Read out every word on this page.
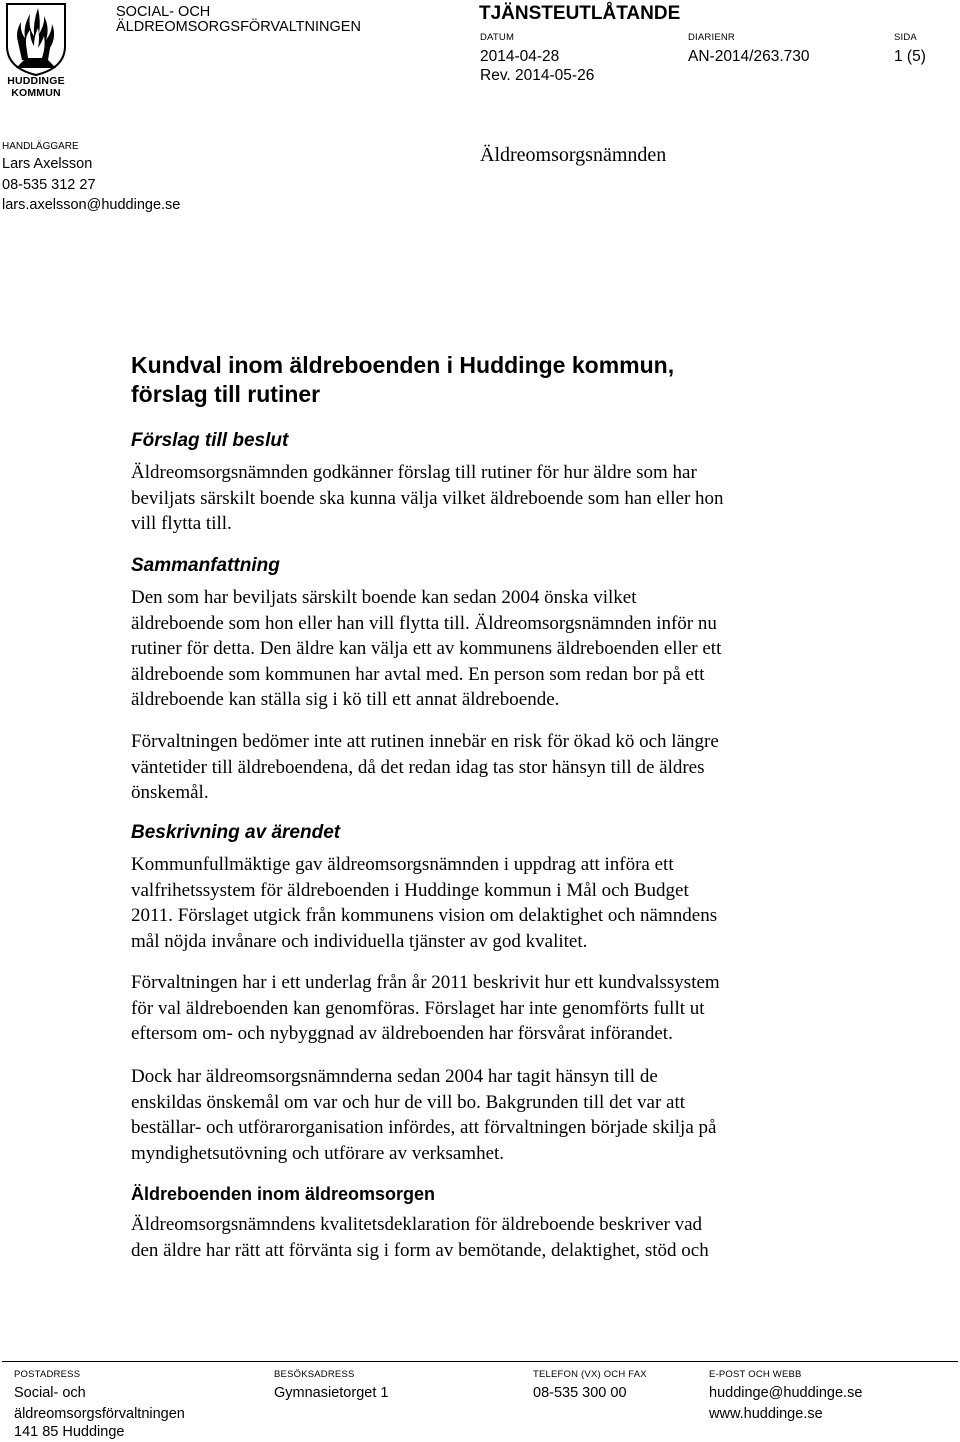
HUDDINGE
KOMMUN
SOCIAL- OCH
ÄLDREOMSORGSFÖRVALTNINGEN
TJÄNSTEUTLÅTANDE
DATUM
2014-04-28
Rev. 2014-05-26
DIARIENR
AN-2014/263.730
SIDA
1 (5)
HANDLÄGGARE
Lars Axelsson
08-535 312 27
lars.axelsson@huddinge.se
Äldreomsorgsnämnden
Kundval inom äldreboenden i Huddinge kommun,
förslag till rutiner
Förslag till beslut
Äldreomsorgsnämnden godkänner förslag till rutiner för hur äldre som har
beviljats särskilt boende ska kunna välja vilket äldreboende som han eller hon
vill flytta till.
Sammanfattning
Den som har beviljats särskilt boende kan sedan 2004 önska vilket
äldreboende som hon eller han vill flytta till. Äldreomsorgsnämnden inför nu
rutiner för detta. Den äldre kan välja ett av kommunens äldreboenden eller ett
äldreboende som kommunen har avtal med. En person som redan bor på ett
äldreboende kan ställa sig i kö till ett annat äldreboende.
Förvaltningen bedömer inte att rutinen innebär en risk för ökad kö och längre
väntetider till äldreboendena, då det redan idag tas stor hänsyn till de äldres
önskemål.
Beskrivning av ärendet
Kommunfullmäktige gav äldreomsorgsnämnden i uppdrag att införa ett
valfrihetssystem för äldreboenden i Huddinge kommun i Mål och Budget
2011. Förslaget utgick från kommunens vision om delaktighet och nämndens
mål nöjda invånare och individuella tjänster av god kvalitet.
Förvaltningen har i ett underlag från år 2011 beskrivit hur ett kundvalssystem
för val äldreboenden kan genomföras. Förslaget har inte genomförts fullt ut
eftersom om- och nybyggnad av äldreboenden har försvårat införandet.
Dock har äldreomsorgsnämnderna sedan 2004 har tagit hänsyn till de
enskildas önskemål om var och hur de vill bo. Bakgrunden till det var att
beställar- och utförarorganisation infördes, att förvaltningen började skilja på
myndighetsutövning och utförare av verksamhet.
Äldreboenden inom äldreomsorgen
Äldreomsorgsnämndens kvalitetsdeklaration för äldreboende beskriver vad
den äldre har rätt att förvänta sig i form av bemötande, delaktighet, stöd och
POSTADRESS
Social- och
äldreomsorgsförvaltningen
141 85 Huddinge
BESÖKSADRESS
Gymnasietorget 1
TELEFON (VX) OCH FAX
08-535 300 00
E-POST OCH WEBB
huddinge@huddinge.se
www.huddinge.se
